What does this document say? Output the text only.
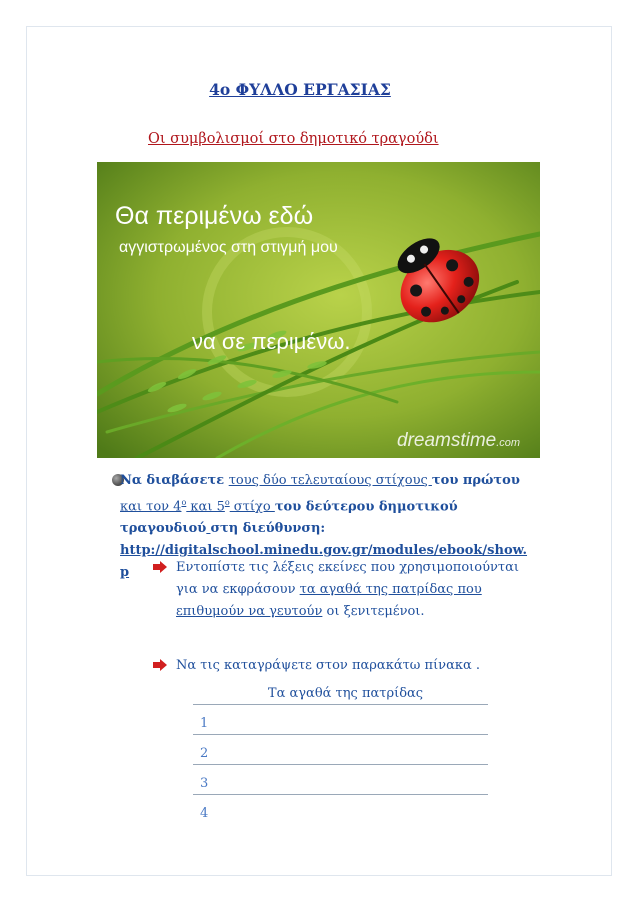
4ο ΦΥΛΛΟ ΕΡΓΑΣΙΑΣ
Οι συμβολισμοί στο δημοτικό τραγούδι
Θα περιμένω εδώ
αγγιστρωμένος στη στιγμή μου
να σε περιμένω.
dreamstime.com
Να διαβάσετε τους δύο τελευταίους στίχους του πρώτου
και τον $4^o$ και $5^o$ στίχο του δεύτερου δημοτικού
τραγουδιού στη διεύθυνση:
http://digitalschool.minedu.gov.gr/modules/ebook/show.
p	Εντοπίστε τις λέξεις εκείνες που χρησιμοποιούνται
για να εκφράσουν τα αγαθά της πατρίδας που
επιθυμούν να γευτούν οι ξενιτεμένοι.
Να τις καταγράψετε στον παρακάτω πίνακα .
Τα αγαθά της πατρίδας
1
2
3
4
